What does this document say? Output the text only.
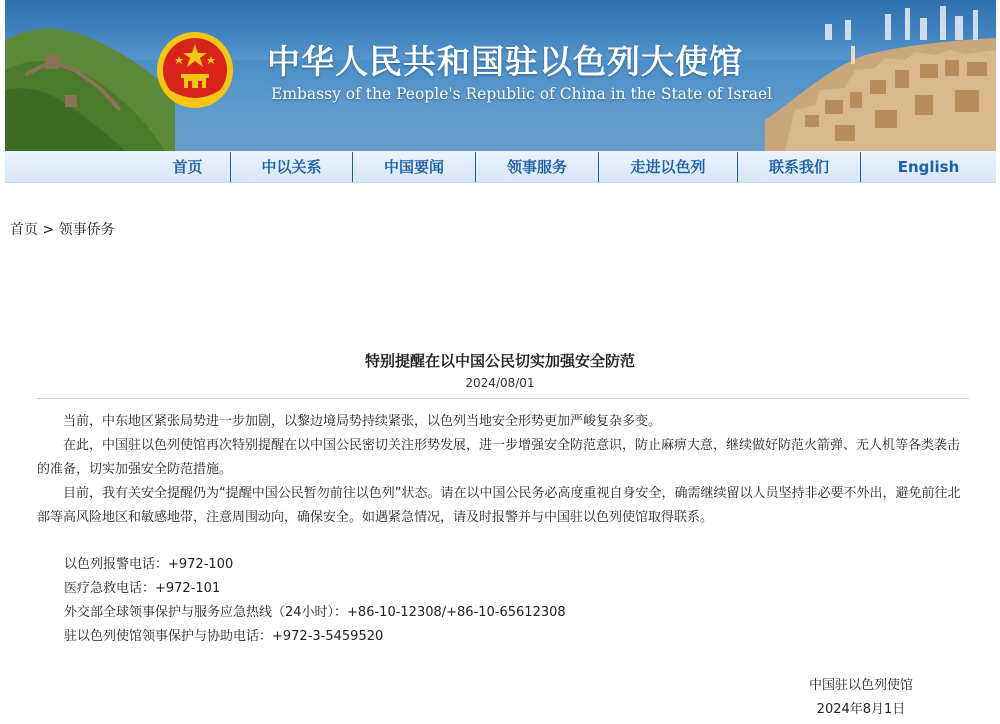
中华人民共和国驻以色列大使馆
Embassy of the People's Republic of China in the State of Israel
首页	中以关系	中国要闻	领事服务	走进以色列	联系我们	English
首页 > 领事侨务
特别提醒在以中国公民切实加强安全防范
2024/08/01

当前，中东地区紧张局势进一步加剧，以黎边境局势持续紧张，以色列当地安全形势更加严峻复杂多变。

在此，中国驻以色列使馆再次特别提醒在以中国公民密切关注形势发展，进一步增强安全防范意识，防止麻痹大意，继续做好防范火箭弹、无人机等各类袭击的准备，切实加强安全防范措施。

目前，我有关安全提醒仍为“提醒中国公民暂勿前往以色列”状态。请在以中国公民务必高度重视自身安全，确需继续留以人员坚持非必要不外出，避免前往北部等高风险地区和敏感地带，注意周围动向，确保安全。如遇紧急情况，请及时报警并与中国驻以色列使馆取得联系。

以色列报警电话：+972-100
医疗急救电话：+972-101
外交部全球领事保护与服务应急热线（24小时）：+86-10-12308/+86-10-65612308
驻以色列使馆领事保护与协助电话：+972-3-5459520
中国驻以色列使馆
2024年8月1日
